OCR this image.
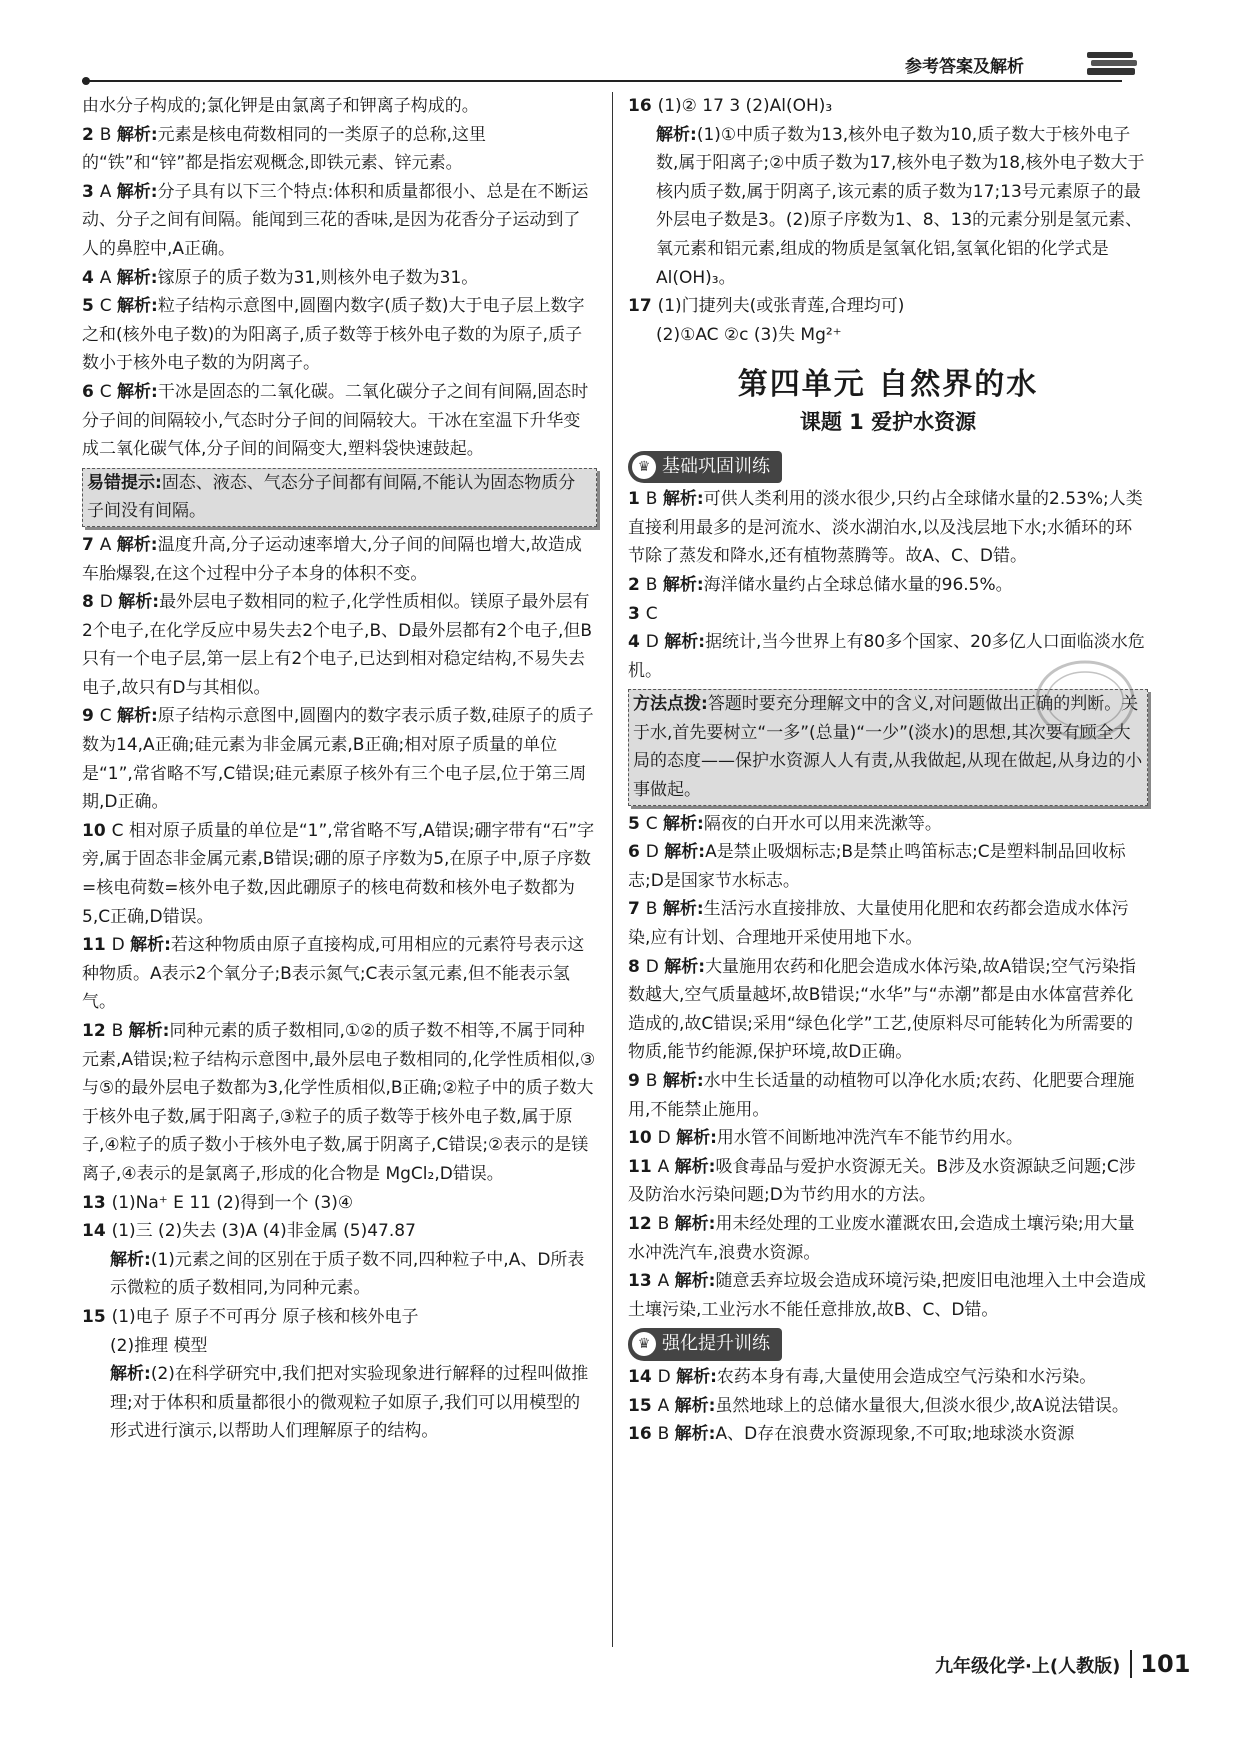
参考答案及解析
由水分子构成的;氯化钾是由氯离子和钾离子构成的。
2 B 解析:元素是核电荷数相同的一类原子的总称,这里的“铁”和“锌”都是指宏观概念,即铁元素、锌元素。
3 A 解析:分子具有以下三个特点:体积和质量都很小、总是在不断运动、分子之间有间隔。能闻到三花的香味,是因为花香分子运动到了人的鼻腔中,A正确。
4 A 解析:镓原子的质子数为31,则核外电子数为31。
5 C 解析:粒子结构示意图中,圆圈内数字(质子数)大于电子层上数字之和(核外电子数)的为阳离子,质子数等于核外电子数的为原子,质子数小于核外电子数的为阴离子。
6 C 解析:干冰是固态的二氧化碳。二氧化碳分子之间有间隔,固态时分子间的间隔较小,气态时分子间的间隔较大。干冰在室温下升华变成二氧化碳气体,分子间的间隔变大,塑料袋快速鼓起。
易错提示:固态、液态、气态分子间都有间隔,不能认为固态物质分子间没有间隔。
7 A 解析:温度升高,分子运动速率增大,分子间的间隔也增大,故造成车胎爆裂,在这个过程中分子本身的体积不变。
8 D 解析:最外层电子数相同的粒子,化学性质相似。镁原子最外层有2个电子,在化学反应中易失去2个电子,B、D最外层都有2个电子,但B只有一个电子层,第一层上有2个电子,已达到相对稳定结构,不易失去电子,故只有D与其相似。
9 C 解析:原子结构示意图中,圆圈内的数字表示质子数,硅原子的质子数为14,A正确;硅元素为非金属元素,B正确;相对原子质量的单位是“1”,常省略不写,C错误;硅元素原子核外有三个电子层,位于第三周期,D正确。
10 C 相对原子质量的单位是“1”,常省略不写,A错误;硼字带有“石”字旁,属于固态非金属元素,B错误;硼的原子序数为5,在原子中,原子序数=核电荷数=核外电子数,因此硼原子的核电荷数和核外电子数都为5,C正确,D错误。
11 D 解析:若这种物质由原子直接构成,可用相应的元素符号表示这种物质。A表示2个氧分子;B表示氮气;C表示氢元素,但不能表示氢气。
12 B 解析:同种元素的质子数相同,①②的质子数不相等,不属于同种元素,A错误;粒子结构示意图中,最外层电子数相同的,化学性质相似,③与⑤的最外层电子数都为3,化学性质相似,B正确;②粒子中的质子数大于核外电子数,属于阳离子,③粒子的质子数等于核外电子数,属于原子,④粒子的质子数小于核外电子数,属于阴离子,C错误;②表示的是镁离子,④表示的是氯离子,形成的化合物是 MgCl₂,D错误。
13 (1)Na⁺ E 11 (2)得到一个 (3)④
14 (1)三 (2)失去 (3)A (4)非金属 (5)47.87
解析:(1)元素之间的区别在于质子数不同,四种粒子中,A、D所表示微粒的质子数相同,为同种元素。
15 (1)电子 原子不可再分 原子核和核外电子
(2)推理 模型
解析:(2)在科学研究中,我们把对实验现象进行解释的过程叫做推理;对于体积和质量都很小的微观粒子如原子,我们可以用模型的形式进行演示,以帮助人们理解原子的结构。
16 (1)② 17 3 (2)Al(OH)₃
解析:(1)①中质子数为13,核外电子数为10,质子数大于核外电子数,属于阳离子;②中质子数为17,核外电子数为18,核外电子数大于核内质子数,属于阴离子,该元素的质子数为17;13号元素原子的最外层电子数是3。(2)原子序数为1、8、13的元素分别是氢元素、氧元素和铝元素,组成的物质是氢氧化铝,氢氧化铝的化学式是Al(OH)₃。
17 (1)门捷列夫(或张青莲,合理均可)
(2)①AC ②c (3)失 Mg²⁺
第四单元 自然界的水
课题 1 爱护水资源
♛ 基础巩固训练
1 B 解析:可供人类利用的淡水很少,只约占全球储水量的2.53%;人类直接利用最多的是河流水、淡水湖泊水,以及浅层地下水;水循环的环节除了蒸发和降水,还有植物蒸腾等。故A、C、D错。
2 B 解析:海洋储水量约占全球总储水量的96.5%。
3 C
4 D 解析:据统计,当今世界上有80多个国家、20多亿人口面临淡水危机。
方法点拨:答题时要充分理解文中的含义,对问题做出正确的判断。关于水,首先要树立“一多”(总量)“一少”(淡水)的思想,其次要有顾全大局的态度——保护水资源人人有责,从我做起,从现在做起,从身边的小事做起。
5 C 解析:隔夜的白开水可以用来洗漱等。
6 D 解析:A是禁止吸烟标志;B是禁止鸣笛标志;C是塑料制品回收标志;D是国家节水标志。
7 B 解析:生活污水直接排放、大量使用化肥和农药都会造成水体污染,应有计划、合理地开采使用地下水。
8 D 解析:大量施用农药和化肥会造成水体污染,故A错误;空气污染指数越大,空气质量越坏,故B错误;“水华”与“赤潮”都是由水体富营养化造成的,故C错误;采用“绿色化学”工艺,使原料尽可能转化为所需要的物质,能节约能源,保护环境,故D正确。
9 B 解析:水中生长适量的动植物可以净化水质;农药、化肥要合理施用,不能禁止施用。
10 D 解析:用水管不间断地冲洗汽车不能节约用水。
11 A 解析:吸食毒品与爱护水资源无关。B涉及水资源缺乏问题;C涉及防治水污染问题;D为节约用水的方法。
12 B 解析:用未经处理的工业废水灌溉农田,会造成土壤污染;用大量水冲洗汽车,浪费水资源。
13 A 解析:随意丢弃垃圾会造成环境污染,把废旧电池埋入土中会造成土壤污染,工业污水不能任意排放,故B、C、D错。
♛ 强化提升训练
14 D 解析:农药本身有毒,大量使用会造成空气污染和水污染。
15 A 解析:虽然地球上的总储水量很大,但淡水很少,故A说法错误。
16 B 解析:A、D存在浪费水资源现象,不可取;地球淡水资源
九年级化学·上(人教版) 101
